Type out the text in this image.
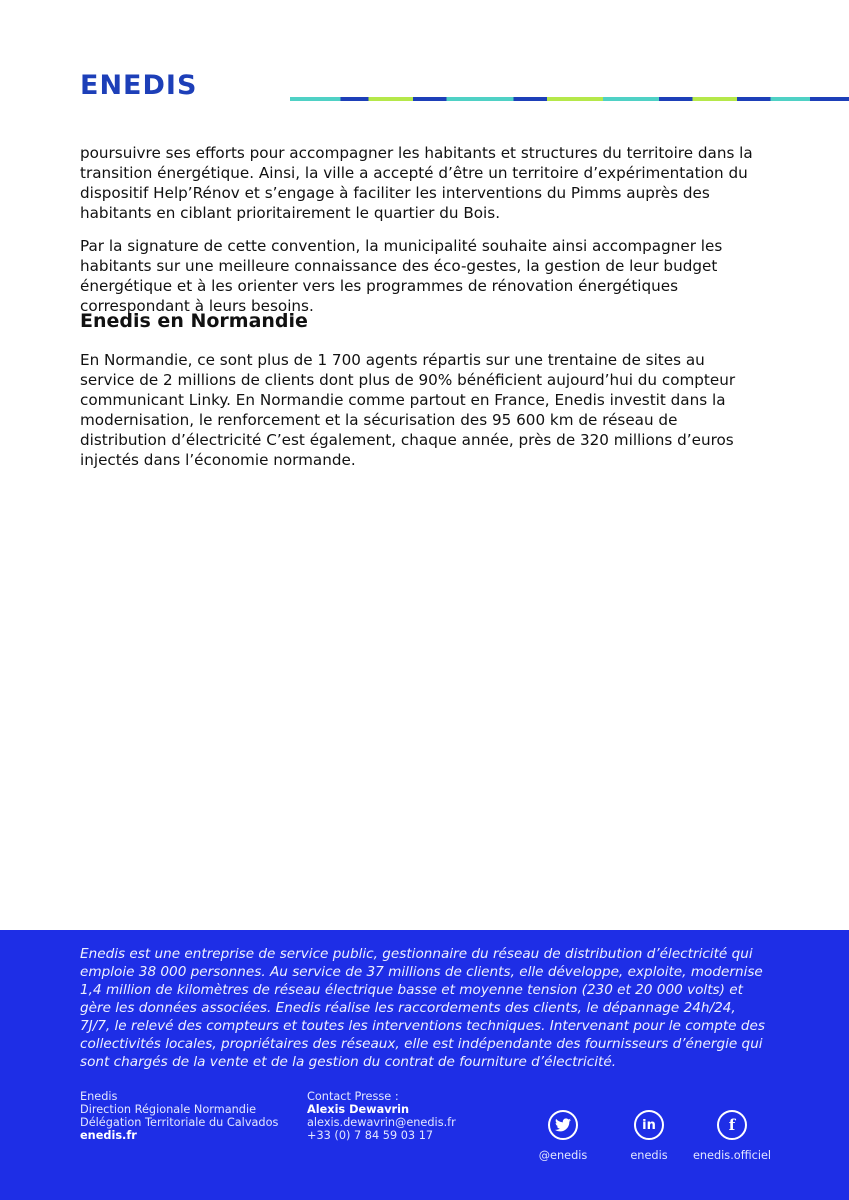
ENEDIS

poursuivre ses efforts pour accompagner les habitants et structures du territoire dans la transition énergétique. Ainsi, la ville a accepté d’être un territoire d’expérimentation du dispositif Help’Rénov et s’engage à faciliter les interventions du Pimms auprès des habitants en ciblant prioritairement le quartier du Bois.

Par la signature de cette convention, la municipalité souhaite ainsi accompagner les habitants sur une meilleure connaissance des éco-gestes, la gestion de leur budget énergétique et à les orienter vers les programmes de rénovation énergétiques correspondant à leurs besoins.

Enedis en Normandie

En Normandie, ce sont plus de 1 700 agents répartis sur une trentaine de sites au service de 2 millions de clients dont plus de 90% bénéficient aujourd’hui du compteur communicant Linky. En Normandie comme partout en France, Enedis investit dans la modernisation, le renforcement et la sécurisation des 95 600 km de réseau de distribution d’électricité C’est également, chaque année, près de 320 millions d’euros injectés dans l’économie normande.

Enedis est une entreprise de service public, gestionnaire du réseau de distribution d’électricité qui emploie 38 000 personnes. Au service de 37 millions de clients, elle développe, exploite, modernise 1,4 million de kilomètres de réseau électrique basse et moyenne tension (230 et 20 000 volts) et gère les données associées. Enedis réalise les raccordements des clients, le dépannage 24h/24, 7J/7, le relevé des compteurs et toutes les interventions techniques. Intervenant pour le compte des collectivités locales, propriétaires des réseaux, elle est indépendante des fournisseurs d’énergie qui sont chargés de la vente et de la gestion du contrat de fourniture d’électricité.

Enedis
Direction Régionale Normandie
Délégation Territoriale du Calvados
enedis.fr
Contact Presse :
Alexis Dewavrin
alexis.dewavrin@enedis.fr
+33 (0) 7 84 59 03 17
@enedis
in
enedis
f
enedis.officiel
